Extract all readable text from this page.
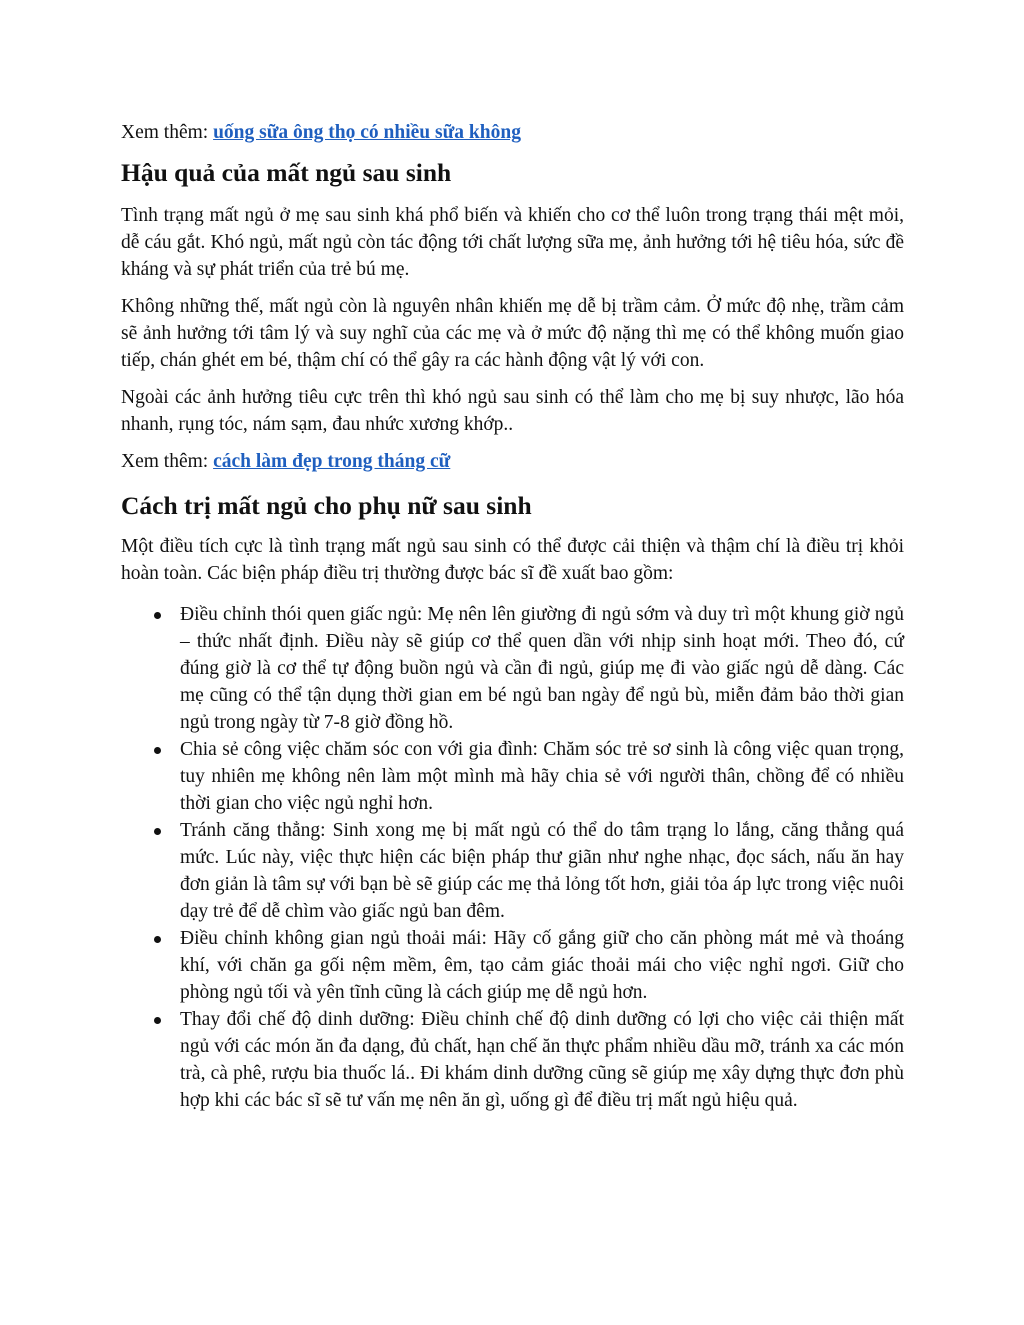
Xem thêm: uống sữa ông thọ có nhiều sữa không

Hậu quả của mất ngủ sau sinh

Tình trạng mất ngủ ở mẹ sau sinh khá phổ biến và khiến cho cơ thể luôn trong trạng thái mệt mỏi, dễ cáu gắt. Khó ngủ, mất ngủ còn tác động tới chất lượng sữa mẹ, ảnh hưởng tới hệ tiêu hóa, sức đề kháng và sự phát triển của trẻ bú mẹ.

Không những thế, mất ngủ còn là nguyên nhân khiến mẹ dễ bị trầm cảm. Ở mức độ nhẹ, trầm cảm sẽ ảnh hưởng tới tâm lý và suy nghĩ của các mẹ và ở mức độ nặng thì mẹ có thể không muốn giao tiếp, chán ghét em bé, thậm chí có thể gây ra các hành động vật lý với con.

Ngoài các ảnh hưởng tiêu cực trên thì khó ngủ sau sinh có thể làm cho mẹ bị suy nhược, lão hóa nhanh, rụng tóc, nám sạm, đau nhức xương khớp..

Xem thêm: cách làm đẹp trong tháng cữ

Cách trị mất ngủ cho phụ nữ sau sinh

Một điều tích cực là tình trạng mất ngủ sau sinh có thể được cải thiện và thậm chí là điều trị khỏi hoàn toàn. Các biện pháp điều trị thường được bác sĩ đề xuất bao gồm:

Điều chỉnh thói quen giấc ngủ: Mẹ nên lên giường đi ngủ sớm và duy trì một khung giờ ngủ – thức nhất định. Điều này sẽ giúp cơ thể quen dần với nhịp sinh hoạt mới. Theo đó, cứ đúng giờ là cơ thể tự động buồn ngủ và cần đi ngủ, giúp mẹ đi vào giấc ngủ dễ dàng. Các mẹ cũng có thể tận dụng thời gian em bé ngủ ban ngày để ngủ bù, miễn đảm bảo thời gian ngủ trong ngày từ 7-8 giờ đồng hồ.
Chia sẻ công việc chăm sóc con với gia đình: Chăm sóc trẻ sơ sinh là công việc quan trọng, tuy nhiên mẹ không nên làm một mình mà hãy chia sẻ với người thân, chồng để có nhiều thời gian cho việc ngủ nghỉ hơn.
Tránh căng thẳng: Sinh xong mẹ bị mất ngủ có thể do tâm trạng lo lắng, căng thẳng quá mức. Lúc này, việc thực hiện các biện pháp thư giãn như nghe nhạc, đọc sách, nấu ăn hay đơn giản là tâm sự với bạn bè sẽ giúp các mẹ thả lỏng tốt hơn, giải tỏa áp lực trong việc nuôi dạy trẻ để dễ chìm vào giấc ngủ ban đêm.
Điều chỉnh không gian ngủ thoải mái: Hãy cố gắng giữ cho căn phòng mát mẻ và thoáng khí, với chăn ga gối nệm mềm, êm, tạo cảm giác thoải mái cho việc nghỉ ngơi. Giữ cho phòng ngủ tối và yên tĩnh cũng là cách giúp mẹ dễ ngủ hơn.
Thay đổi chế độ dinh dưỡng: Điều chỉnh chế độ dinh dưỡng có lợi cho việc cải thiện mất ngủ với các món ăn đa dạng, đủ chất, hạn chế ăn thực phẩm nhiều dầu mỡ, tránh xa các món trà, cà phê, rượu bia thuốc lá.. Đi khám dinh dưỡng cũng sẽ giúp mẹ xây dựng thực đơn phù hợp khi các bác sĩ sẽ tư vấn mẹ nên ăn gì, uống gì để điều trị mất ngủ hiệu quả.
